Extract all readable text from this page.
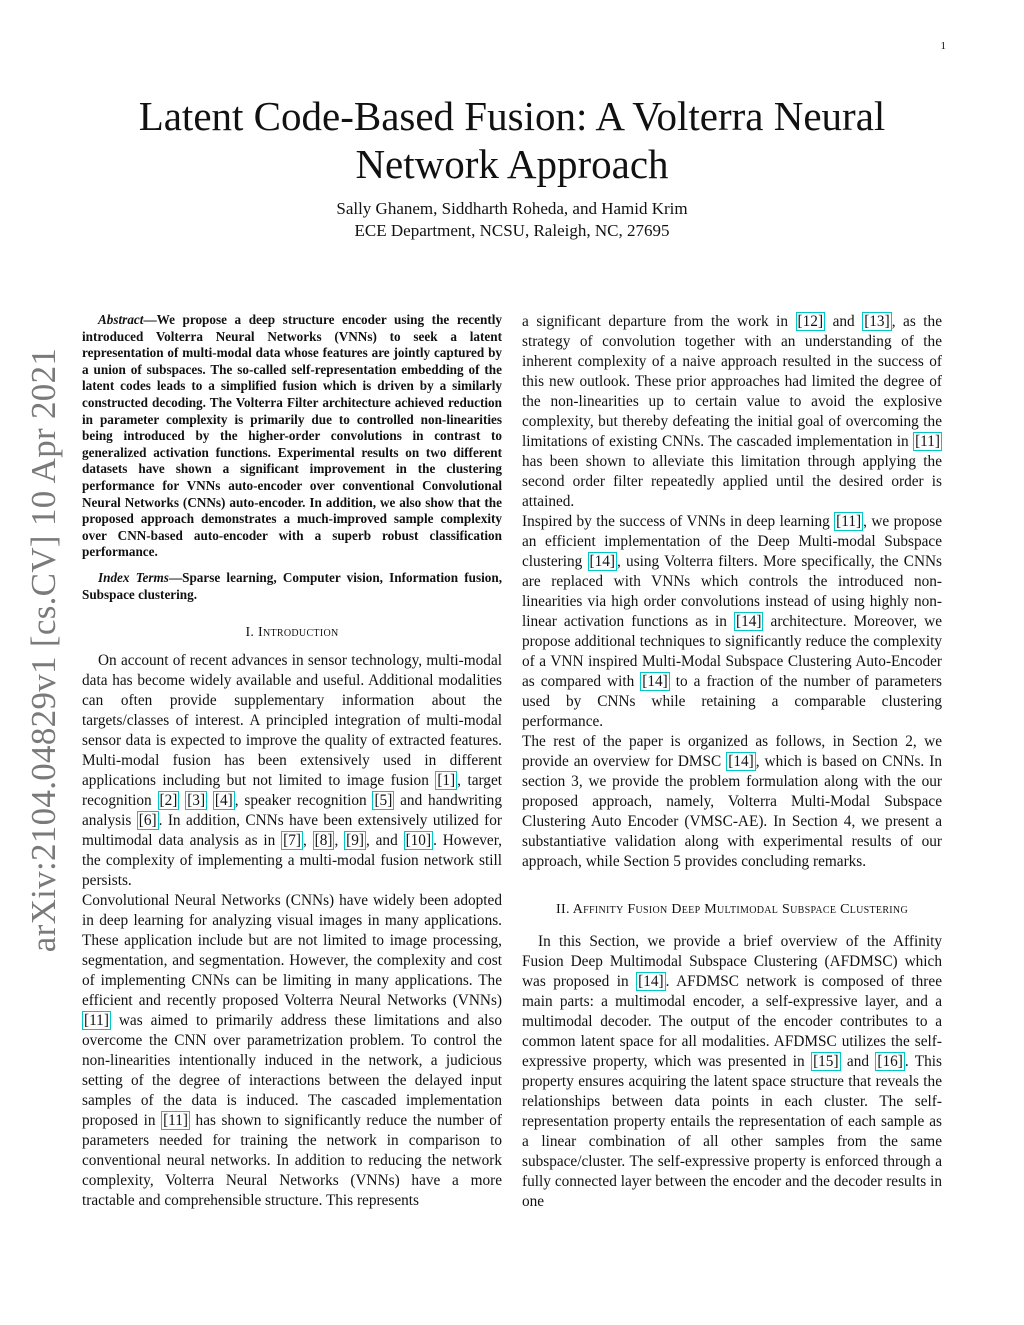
1
arXiv:2104.04829v1 [cs.CV] 10 Apr 2021
Latent Code-Based Fusion: A Volterra Neural Network Approach
Sally Ghanem, Siddharth Roheda, and Hamid Krim
ECE Department, NCSU, Raleigh, NC, 27695

Abstract—We propose a deep structure encoder using the recently introduced Volterra Neural Networks (VNNs) to seek a latent representation of multi-modal data whose features are jointly captured by a union of subspaces. The so-called self-representation embedding of the latent codes leads to a simplified fusion which is driven by a similarly constructed decoding. The Volterra Filter architecture achieved reduction in parameter complexity is primarily due to controlled non-linearities being introduced by the higher-order convolutions in contrast to generalized activation functions. Experimental results on two different datasets have shown a significant improvement in the clustering performance for VNNs auto-encoder over conventional Convolutional Neural Networks (CNNs) auto-encoder. In addition, we also show that the proposed approach demonstrates a much-improved sample complexity over CNN-based auto-encoder with a superb robust classification performance.

Index Terms—Sparse learning, Computer vision, Information fusion, Subspace clustering.

I. Introduction

On account of recent advances in sensor technology, multi-modal data has become widely available and useful. Additional modalities can often provide supplementary information about the targets/classes of interest. A principled integration of multi-modal sensor data is expected to improve the quality of extracted features. Multi-modal fusion has been extensively used in different applications including but not limited to image fusion [1] , target recognition [2] [3] [4] , speaker recognition [5] and handwriting analysis [6] . In addition, CNNs have been extensively utilized for multimodal data analysis as in [7] , [8] , [9] , and [10] . However, the complexity of implementing a multi-modal fusion network still persists.

Convolutional Neural Networks (CNNs) have widely been adopted in deep learning for analyzing visual images in many applications. These application include but are not limited to image processing, segmentation, and segmentation. However, the complexity and cost of implementing CNNs can be limiting in many applications. The efficient and recently proposed Volterra Neural Networks (VNNs) [11] was aimed to primarily address these limitations and also overcome the CNN over parametrization problem. To control the non-linearities intentionally induced in the network, a judicious setting of the degree of interactions between the delayed input samples of the data is induced. The cascaded implementation proposed in [11] has shown to significantly reduce the number of parameters needed for training the network in comparison to conventional neural networks. In addition to reducing the network complexity, Volterra Neural Networks (VNNs) have a more tractable and comprehensible structure. This represents

a significant departure from the work in [12] and [13] , as the strategy of convolution together with an understanding of the inherent complexity of a naive approach resulted in the success of this new outlook. These prior approaches had limited the degree of the non-linearities up to certain value to avoid the explosive complexity, but thereby defeating the initial goal of overcoming the limitations of existing CNNs. The cascaded implementation in [11] has been shown to alleviate this limitation through applying the second order filter repeatedly applied until the desired order is attained.

Inspired by the success of VNNs in deep learning [11] , we propose an efficient implementation of the Deep Multi-modal Subspace clustering [14] , using Volterra filters. More specifically, the CNNs are replaced with VNNs which controls the introduced non-linearities via high order convolutions instead of using highly non-linear activation functions as in [14] architecture. Moreover, we propose additional techniques to significantly reduce the complexity of a VNN inspired Multi-Modal Subspace Clustering Auto-Encoder as compared with [14] to a fraction of the number of parameters used by CNNs while retaining a comparable clustering performance.

The rest of the paper is organized as follows, in Section 2, we provide an overview for DMSC [14] , which is based on CNNs. In section 3, we provide the problem formulation along with the our proposed approach, namely, Volterra Multi-Modal Subspace Clustering Auto Encoder (VMSC-AE). In Section 4, we present a substantiative validation along with experimental results of our approach, while Section 5 provides concluding remarks.

II. Affinity Fusion Deep Multimodal Subspace Clustering

In this Section, we provide a brief overview of the Affinity Fusion Deep Multimodal Subspace Clustering (AFDMSC) which was proposed in [14] . AFDMSC network is composed of three main parts: a multimodal encoder, a self-expressive layer, and a multimodal decoder. The output of the encoder contributes to a common latent space for all modalities. AFDMSC utilizes the self-expressive property, which was presented in [15] and [16] . This property ensures acquiring the latent space structure that reveals the relationships between data points in each cluster. The self-representation property entails the representation of each sample as a linear combination of all other samples from the same subspace/cluster. The self-expressive property is enforced through a fully connected layer between the encoder and the decoder results in one
